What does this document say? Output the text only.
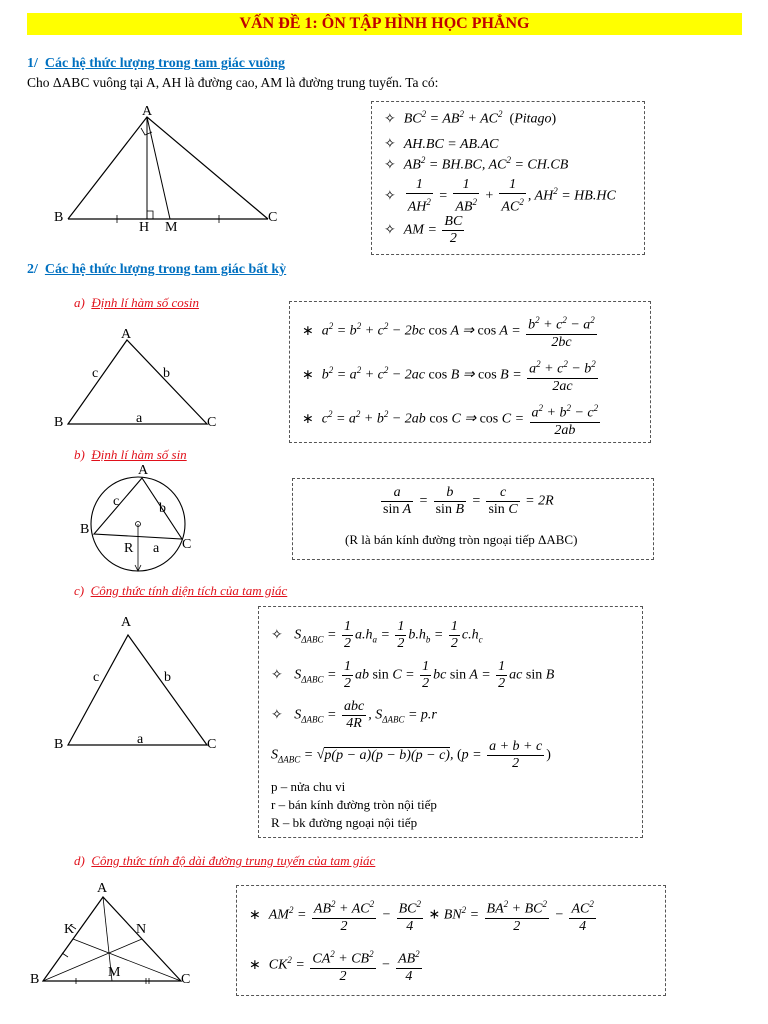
VẤN ĐỀ 1: ÔN TẬP HÌNH HỌC PHẲNG
1/ Các hệ thức lượng trong tam giác vuông
Cho ΔABC vuông tại A, AH là đường cao, AM là đường trung tuyến. Ta có:
A
B	C
H M
✧ $BC^2 = AB^2 + AC^2$ (Pitago)
✧ AH.BC = AB.AC
✧ $AB^2 = BH.BC$, $AC^2 = CH.CB$
✧ $\frac{1}{AH^2} = \frac{1}{AB^2} + \frac{1}{AC^2}$ , $AH^2 = HB.HC$
✧ AM = $\frac{BC}{2}$
2/ Các hệ thức lượng trong tam giác bất kỳ
a) Định lí hàm số cosin
A
B	C
a
b
c
∗ $a^2 = b^2 + c^2 - 2bc$ cos A ⇒ $\cos A = \frac{b^2 + c^2 - a^2}{2bc}$
∗ $b^2 = a^2 + c^2 - 2ac$ cos B ⇒ $\cos B = \frac{a^2 + c^2 - b^2}{2ac}$
∗ $c^2 = a^2 + b^2 - 2ab$ cos C ⇒ $\cos C = \frac{a^2 + b^2 - c^2}{2ab}$
b) Định lí hàm số sin
A
B
C
a
b
c
R
$\frac{a}{\text{sin A}} = \frac{b}{\text{sin B}} = \frac{c}{\text{sin C}} = 2R$
(R là bán kính đường tròn ngoại tiếp ΔABC)
c) Công thức tính diện tích của tam giác
A
B	C
a
b
c
✧ $S_{\Delta ABC} = \frac{1}{2} a.h_a = \frac{1}{2} b.h_b = \frac{1}{2} c.h_c$
✧ $S_{\Delta ABC} = \frac{1}{2}$ ab $\sin C = \frac{1}{2}$ bc $\sin A = \frac{1}{2}$ ac sin B
✧ $S_{\Delta ABC} = \frac{\text{abc}}{4R}$ , $S_{\Delta ABC} = p.r$
$S_{\Delta ABC} = √p(p - a)(p - b)(p - c)$, ($p = \frac{a + b + c}{2}$ )
p – nửa chu vi
r – bán kính đường tròn nội tiếp
R – bk đường ngoại nội tiếp
d) Công thức tính độ dài đường trung tuyến của tam giác
A
B	C
K	N
M
∗ $AM^2 = \frac{AB^2 + AC^2}{2} - \frac{BC^2}{4}$ ∗ $BN^2 = \frac{BA^2 + BC^2}{2} - \frac{AC^2}{4}$
∗ $CK^2 = \frac{CA^2 + CB^2}{2} - \frac{AB^2}{4}$
